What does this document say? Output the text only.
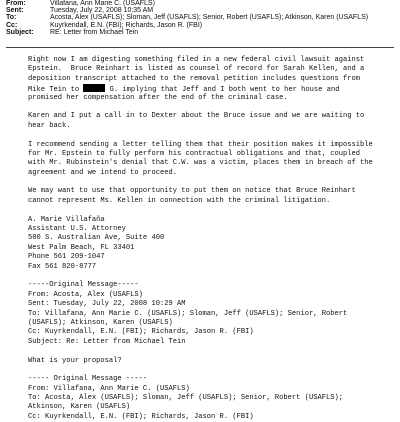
From:	Villafana, Ann Marie C. (USAFLS)
Sent:	Tuesday, July 22, 2008 10:35 AM
To:	Acosta, Alex (USAFLS); Sloman, Jeff (USAFLS); Senior, Robert (USAFLS); Atkinson, Karen (USAFLS)
Cc:	Kuyrkendall, E.N. (FBI); Richards, Jason R. (FBI)
Subject:	RE: Letter from Michael Tein
Right now I am digesting something filed in a new federal civil lawsuit against
Epstein.  Bruce Reinhart is listed as counsel of record for Sarah Kellen, and a
deposition transcript attached to the removal petition includes questions from
Mike Tein to	G. implying that Jeff and I both went to her house and
promised her compensation after the end of the criminal case.
Karen and I put a call in to Dexter about the Bruce issue and we are waiting to
hear back.
I recommend sending a letter telling them that their position makes it impossible
for Mr. Epstein to fully perform his contractual obligations and that, coupled
with Mr. Rubinstein's denial that C.W. was a victim, places them in breach of the
agreement and we intend to proceed.
We may want to use that opportunity to put them on notice that Bruce Reinhart
cannot represent Ms. Kellen in connection with the criminal litigation.
A. Marie Villafaña
Assistant U.S. Attorney
500 S. Australian Ave, Suite 400
West Palm Beach, FL 33401
Phone 561 209-1047
Fax 561 820-8777
-----Original Message-----
From: Acosta, Alex (USAFLS)
Sent: Tuesday, July 22, 2008 10:29 AM
To: Villafana, Ann Marie C. (USAFLS); Sloman, Jeff (USAFLS); Senior, Robert
(USAFLS); Atkinson, Karen (USAFLS)
Cc: Kuyrkendall, E.N. (FBI); Richards, Jason R. (FBI)
Subject: Re: Letter from Michael Tein
What is your proposal?
----- Original Message -----
From: Villafana, Ann Marie C. (USAFLS)
To: Acosta, Alex (USAFLS); Sloman, Jeff (USAFLS); Senior, Robert (USAFLS);
Atkinson, Karen (USAFLS)
Cc: Kuyrkendall, E.N. (FBI); Richards, Jason R. (FBI)
